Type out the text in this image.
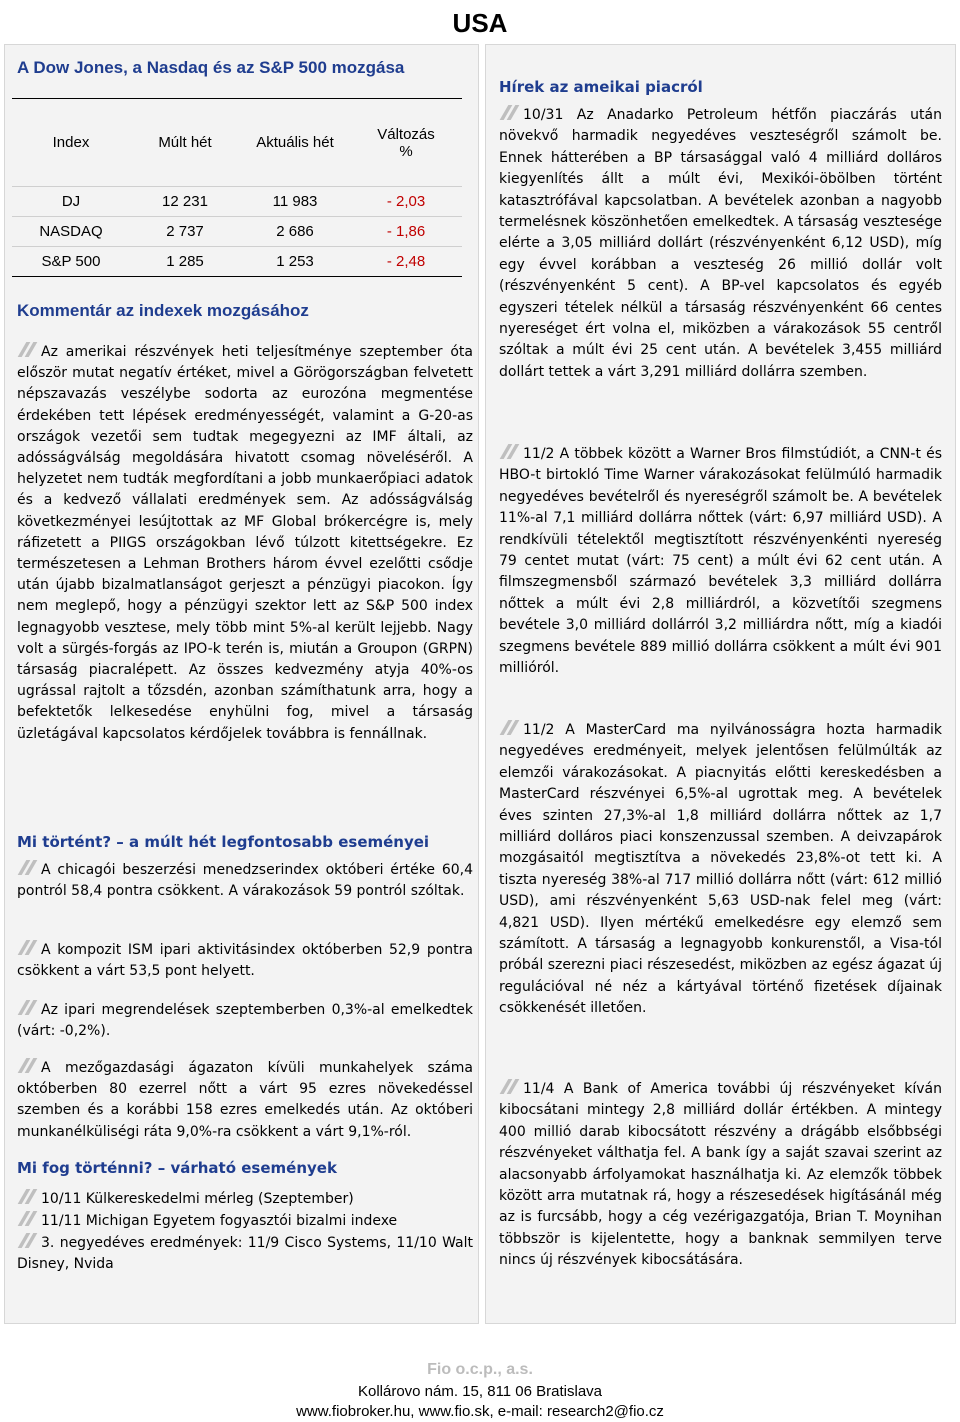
USA
A Dow Jones, a Nasdaq és az S&P 500 mozgása
Index	Múlt hét	Aktuális hét	Változás
%
DJ	12 231	11 983	- 2,03
NASDAQ	2 737	2 686	- 1,86
S&P 500	1 285	1 253	- 2,48
Kommentár az indexek mozgásához
Az amerikai részvények heti teljesítménye szeptember óta először mutat negatív értéket, mivel a Görögországban felvetett népszavazás veszélybe sodorta az eurozóna megmentése érdekében tett lépések eredményességét, valamint a G-20-as országok vezetői sem tudtak megegyezni az IMF általi, az adósságválság megoldására hivatott csomag növeléséről. A helyzetet nem tudták megfordítani a jobb munkaerőpiaci adatok és a kedvező vállalati eredmények sem. Az adósságválság következményei lesújtottak az MF Global brókercégre is, mely ráfizetett a PIIGS országokban lévő túlzott kitettségekre. Ez természetesen a Lehman Brothers három évvel ezelőtti csődje után újabb bizalmatlanságot gerjeszt a pénzügyi piacokon. Így nem meglepő, hogy a pénzügyi szektor lett az S&P 500 index legnagyobb vesztese, mely több mint 5%-al került lejjebb. Nagy volt a sürgés-forgás az IPO-k terén is, miután a Groupon (GRPN) társaság piacralépett. Az összes kedvezmény atyja 40%-os ugrással rajtolt a tőzsdén, azonban számíthatunk arra, hogy a befektetők lelkesedése enyhülni fog, mivel a társaság üzletágával kapcsolatos kérdőjelek továbbra is fennállnak.
Mi történt? – a múlt hét legfontosabb eseményei
A chicagói beszerzési menedzserindex októberi értéke 60,4 pontról 58,4 pontra csökkent. A várakozások 59 pontról szóltak.
A kompozit ISM ipari aktivitásindex októberben 52,9 pontra csökkent a várt 53,5 pont helyett.
Az ipari megrendelések szeptemberben 0,3%-al emelkedtek (várt: -0,2%).
A mezőgazdasági ágazaton kívüli munkahelyek száma októberben 80 ezerrel nőtt a várt 95 ezres növekedéssel szemben és a korábbi 158 ezres emelkedés után. Az októberi munkanélküliségi ráta 9,0%-ra csökkent a várt 9,1%-ról.
Mi fog történni? – várható események
10/11 Külkereskedelmi mérleg (Szeptember)
11/11 Michigan Egyetem fogyasztói bizalmi indexe
3. negyedéves eredmények: 11/9 Cisco Systems, 11/10 Walt Disney, Nvida
Hírek az ameikai piacról
10/31 Az Anadarko Petroleum hétfőn piaczárás után növekvő harmadik negyedéves veszteségről számolt be. Ennek hátterében a BP társasággal való 4 milliárd dolláros kiegyenlítés állt a múlt évi, Mexikói-öbölben történt katasztrófával kapcsolatban. A bevételek azonban a nagyobb termelésnek köszönhetően emelkedtek. A társaság vesztesége elérte a 3,05 milliárd dollárt (részvényenként 6,12 USD), míg egy évvel korábban a veszteség 26 millió dollár volt (részvényenként 5 cent). A BP-vel kapcsolatos és egyéb egyszeri tételek nélkül a társaság részvényenként 66 centes nyereséget ért volna el, miközben a várakozások 55 centről szóltak a múlt évi 25 cent után. A bevételek 3,455 milliárd dollárt tettek a várt 3,291 milliárd dollárra szemben.
11/2 A többek között a Warner Bros filmstúdiót, a CNN-t és HBO-t birtokló Time Warner várakozásokat felülmúló harmadik negyedéves bevételről és nyereségről számolt be. A bevételek 11%-al 7,1 milliárd dollárra nőttek (várt: 6,97 milliárd USD). A rendkívüli tételektől megtisztított részvényenkénti nyereség 79 centet mutat (várt: 75 cent) a múlt évi 62 cent után. A filmszegmensből származó bevételek 3,3 milliárd dollárra nőttek a múlt évi 2,8 milliárdról, a közvetítői szegmens bevétele 3,0 milliárd dollárról 3,2 milliárdra nőtt, míg a kiadói szegmens bevétele 889 millió dollárra csökkent a múlt évi 901 millióról.
11/2 A MasterCard ma nyilvánosságra hozta harmadik negyedéves eredményeit, melyek jelentősen felülmúlták az elemzői várakozásokat. A piacnyitás előtti kereskedésben a MasterCard részvényei 6,5%-al ugrottak meg. A bevételek éves szinten 27,3%-al 1,8 milliárd dollárra nőttek az 1,7 milliárd dolláros piaci konszenzussal szemben. A deivzapárok mozgásaitól megtisztítva a növekedés 23,8%-ot tett ki. A tiszta nyereség 38%-al 717 millió dollárra nőtt (várt: 612 millió USD), ami részvényenként 5,63 USD-nak felel meg (várt: 4,821 USD). Ilyen mértékű emelkedésre egy elemző sem számított. A társaság a legnagyobb konkurenstől, a Visa-tól próbál szerezni piaci részesedést, miközben az egész ágazat új regulációval né néz a kártyával történő fizetések díjainak csökkenését illetően.
11/4 A Bank of America további új részvényeket kíván kibocsátani mintegy 2,8 milliárd dollár értékben. A mintegy 400 millió darab kibocsátott részvény a drágább elsőbbségi részvényeket válthatja fel. A bank így a saját szavai szerint az alacsonyabb árfolyamokat használhatja ki. Az elemzők többek között arra mutatnak rá, hogy a részesedések higításánál még az is furcsább, hogy a cég vezérigazgatója, Brian T. Moynihan többször is kijelentette, hogy a banknak semmilyen terve nincs új részvények kibocsátására.
Fio o.c.p., a.s.
Kollárovo nám. 15, 811 06 Bratislava
www.fiobroker.hu, www.fio.sk, e-mail: research2@fio.cz
